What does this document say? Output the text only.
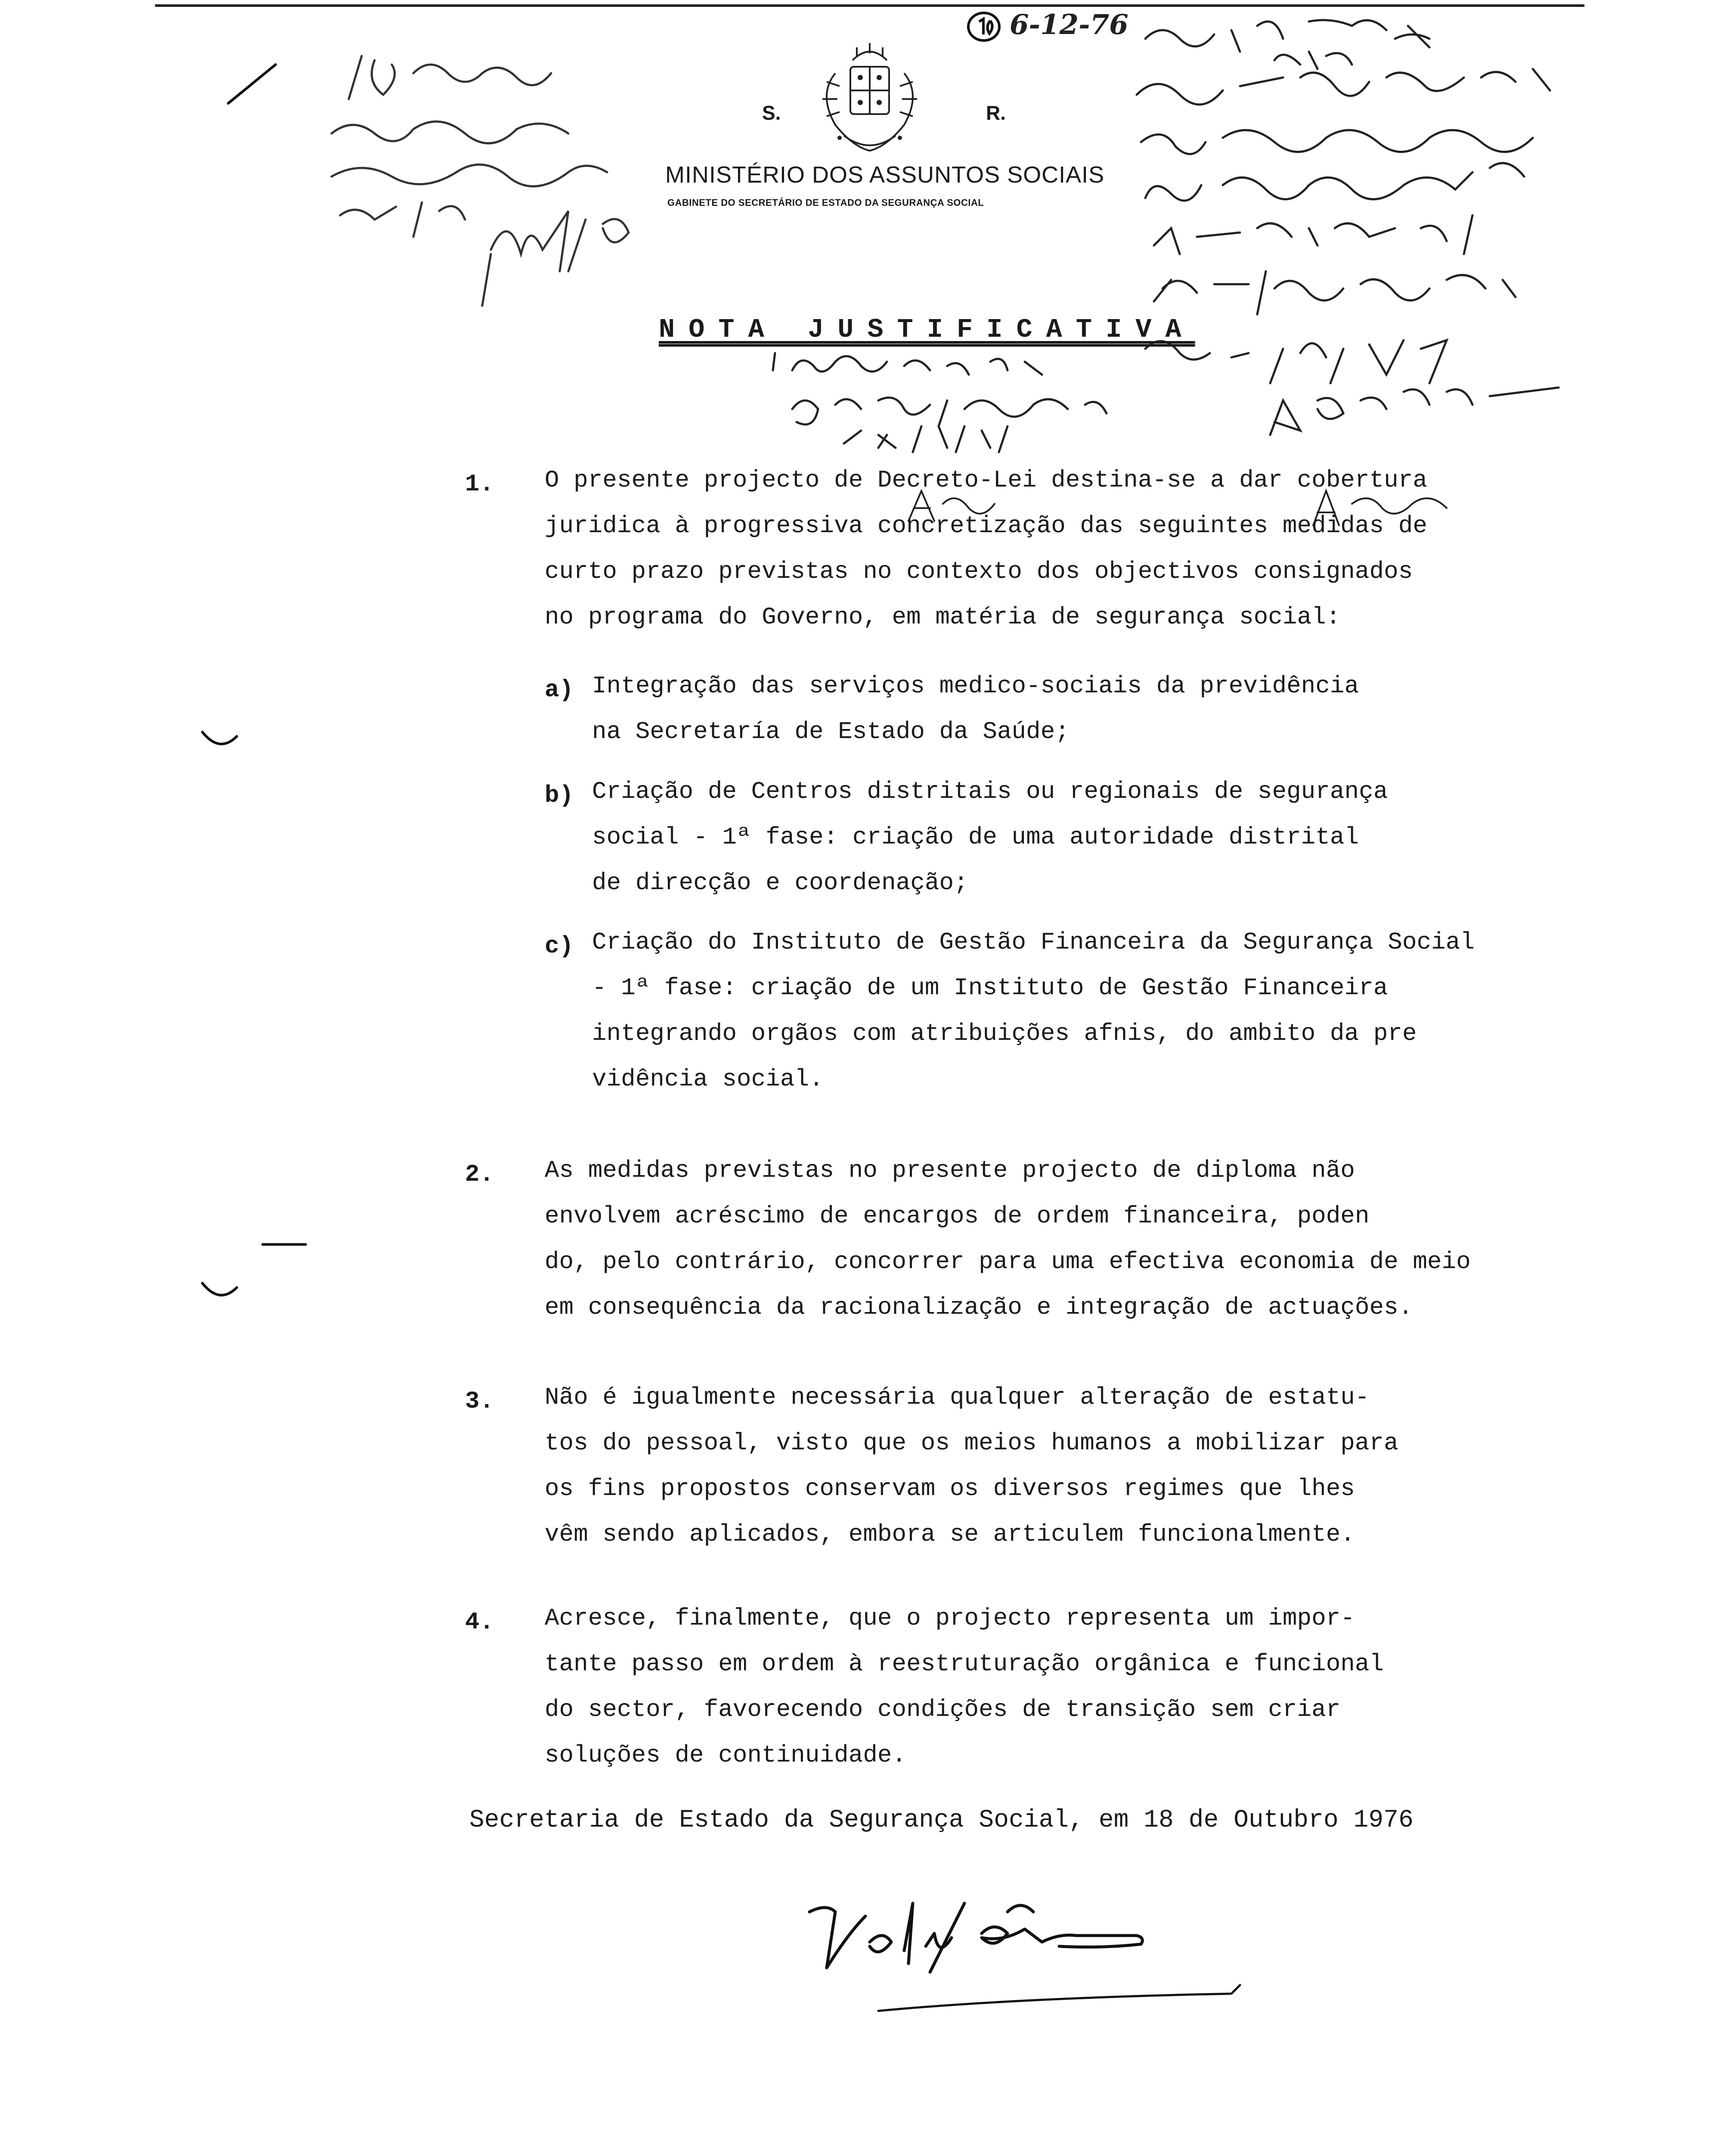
S.	R.
MINISTÉRIO DOS ASSUNTOS SOCIAIS
GABINETE DO SECRETÁRIO DE ESTADO DA SEGURANÇA SOCIAL
6-12-76
NOTA JUSTIFICATIVA
1. O presente projecto de Decreto-Lei destina-se a dar cobertura
juridica à progressiva concretização das seguintes medidas de
curto prazo previstas no contexto dos objectivos consignados
no programa do Governo, em matéria de segurança social:
a) Integração das serviços medico-sociais da previdência
na Secretaría de Estado da Saúde;
b) Criação de Centros distritais ou regionais de segurança
social - 1ª fase: criação de uma autoridade distrital
de direcção e coordenação;
c) Criação do Instituto de Gestão Financeira da Segurança Social
- 1ª fase: criação de um Instituto de Gestão Financeira
integrando orgãos com atribuições afnis, do ambito da pre
vidência social.
2. As medidas previstas no presente projecto de diploma não
envolvem acréscimo de encargos de ordem financeira, poden
do, pelo contrário, concorrer para uma efectiva economia de meio
em consequência da racionalização e integração de actuações.
3. Não é igualmente necessária qualquer alteração de estatu-
tos do pessoal, visto que os meios humanos a mobilizar para
os fins propostos conservam os diversos regimes que lhes
vêm sendo aplicados, embora se articulem funcionalmente.
4. Acresce, finalmente, que o projecto representa um impor-
tante passo em ordem à reestruturação orgânica e funcional
do sector, favorecendo condições de transição sem criar
soluções de continuidade.
Secretaria de Estado da Segurança Social, em 18 de Outubro 1976
